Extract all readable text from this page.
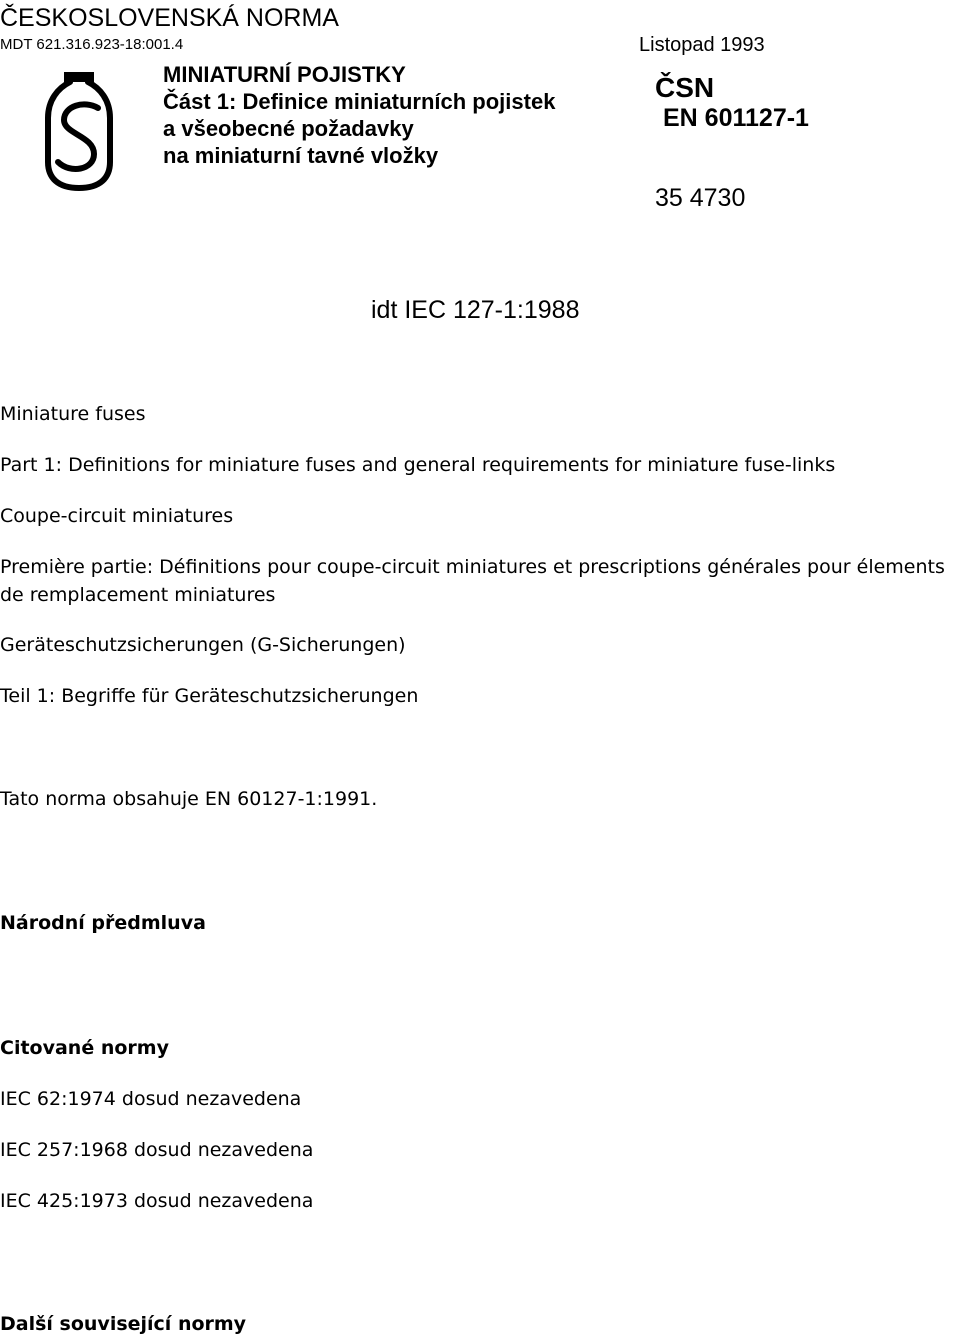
ČESKOSLOVENSKÁ NORMA
MDT 621.316.923-18:001.4	Listopad 1993
MINIATURNÍ POJISTKY
Část 1: Definice miniaturních pojistek
a všeobecné požadavky
na miniaturní tavné vložky
ČSN
EN 601127-1
35 4730
idt IEC 127-1:1988
Miniature fuses
Part 1: Definitions for miniature fuses and general requirements for miniature fuse-links
Coupe-circuit miniatures
Première partie: Définitions pour coupe-circuit miniatures et prescriptions générales pour élements de remplacement miniatures
Geräteschutzsicherungen (G-Sicherungen)
Teil 1: Begriffe für Geräteschutzsicherungen
Tato norma obsahuje EN 60127-1:1991.
Národní předmluva
Citované normy
IEC 62:1974 dosud nezavedena
IEC 257:1968 dosud nezavedena
IEC 425:1973 dosud nezavedena
Další související normy
